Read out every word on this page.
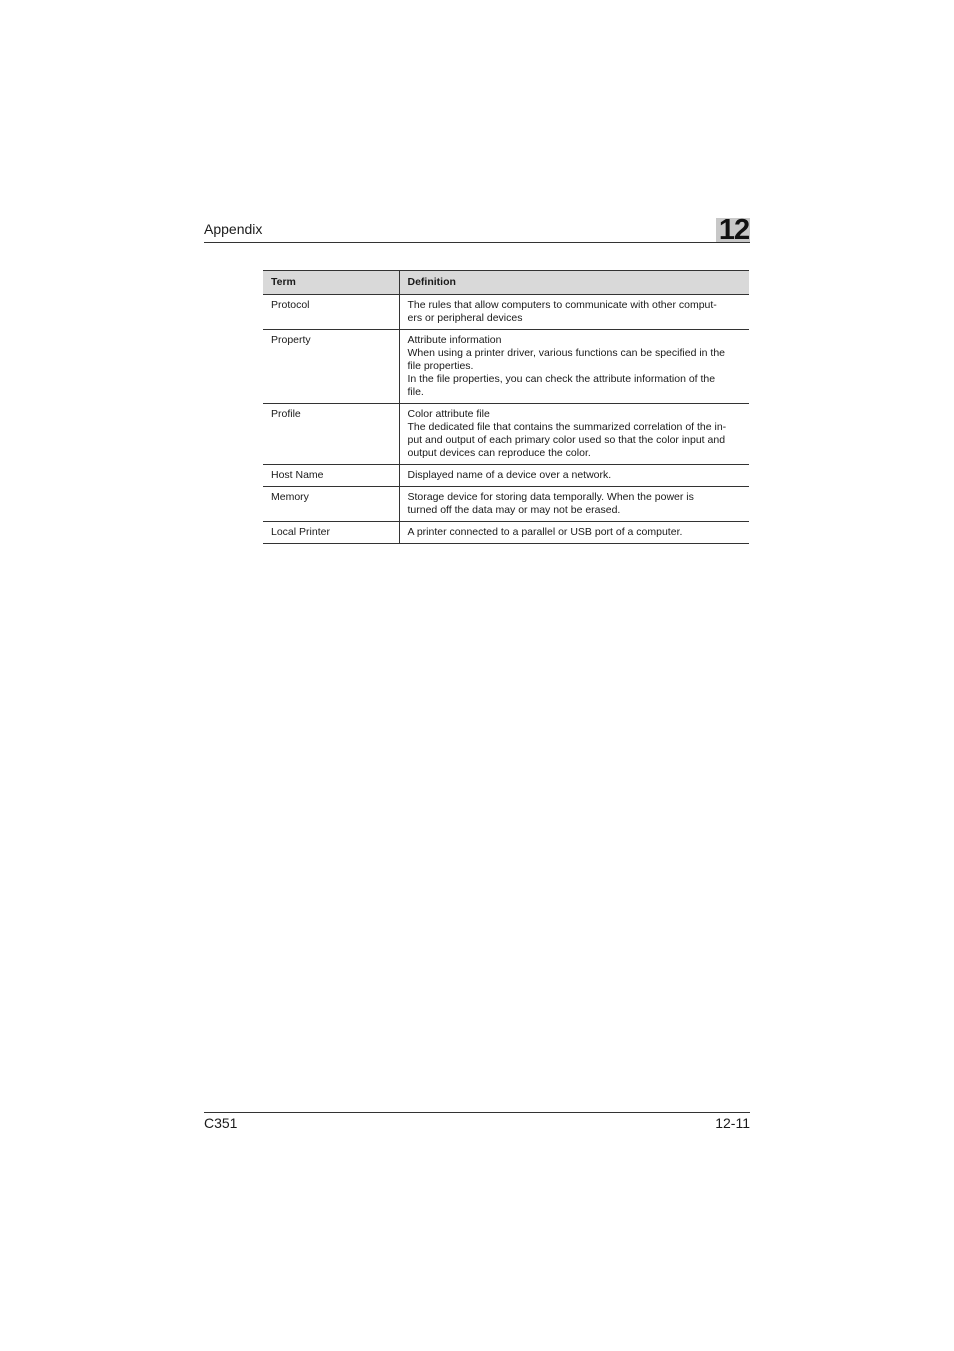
Appendix	12
Term	Definition
Protocol	The rules that allow computers to communicate with other comput-
ers or peripheral devices

Property	Attribute information
When using a printer driver, various functions can be specified in the
file properties.
In the file properties, you can check the attribute information of the
file.

Profile	Color attribute file
The dedicated file that contains the summarized correlation of the in-
put and output of each primary color used so that the color input and
output devices can reproduce the color.

Host Name	Displayed name of a device over a network.

Memory	Storage device for storing data temporally. When the power is
turned off the data may or may not be erased.

Local Printer	A printer connected to a parallel or USB port of a computer.
C351	12-11
